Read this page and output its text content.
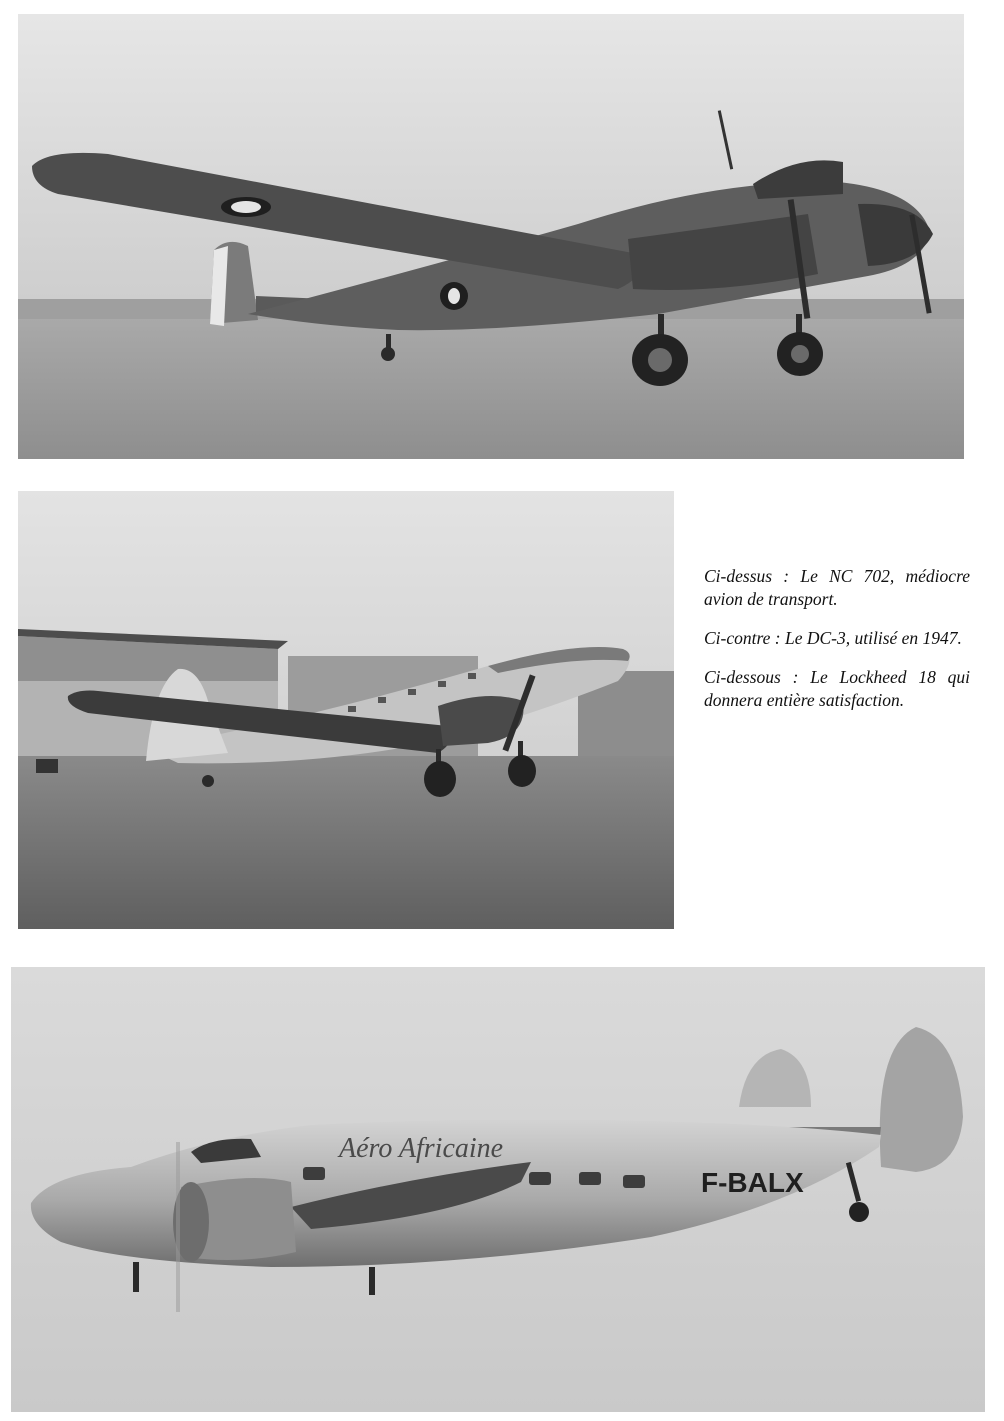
Ci-dessus : Le NC 702, médiocre avion de transport.

Ci-contre : Le DC-3, utilisé en 1947.

Ci-dessous : Le Lockheed 18 qui donnera entière satisfaction.

Aéro Africaine
F-BALX
